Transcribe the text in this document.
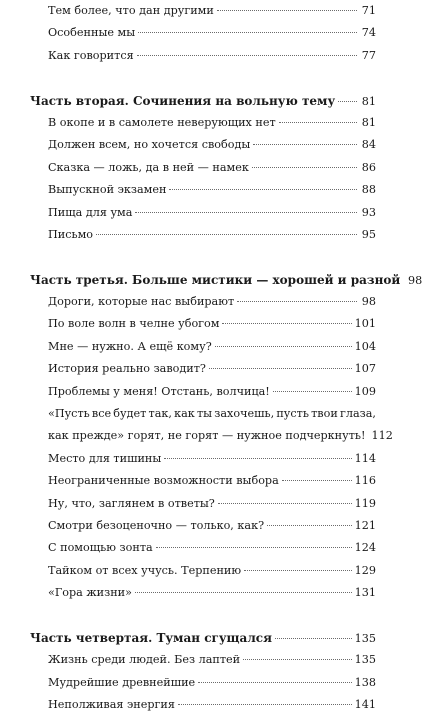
Тем более, что дан другими	71
Особенные мы	74
Как говорится	77
Часть вторая. Сочинения на вольную тему 81
В окопе и в самолете неверующих нет	81
Должен всем, но хочется свободы	84
Сказка — ложь, да в ней — намек	86
Выпускной экзамен	88
Пища для ума	93
Письмо	95
Часть третья. Больше мистики — хорошей и разной 98
Дороги, которые нас выбирают	98
По воле волн в челне убогом	101
Мне — нужно. А ещё кому?	104
История реально заводит?	107
Проблемы у меня! Отстань, волчица!	109
«Пусть все будет так, как ты захочешь, пусть твои глаза,
как прежде» горят, не горят — нужное подчеркнуть! 112
Место для тишины	114
Неограниченные возможности выбора	116
Ну, что, заглянем в ответы?	119
Смотри безоценочно — только, как?	121
С помощью зонта	124
Тайком от всех учусь. Терпению	129
«Гора жизни»	131
Часть четвертая. Туман сгущался	135
Жизнь среди людей. Без лаптей	135
Мудрейшие древнейшие	138
Неполживая энергия	141
